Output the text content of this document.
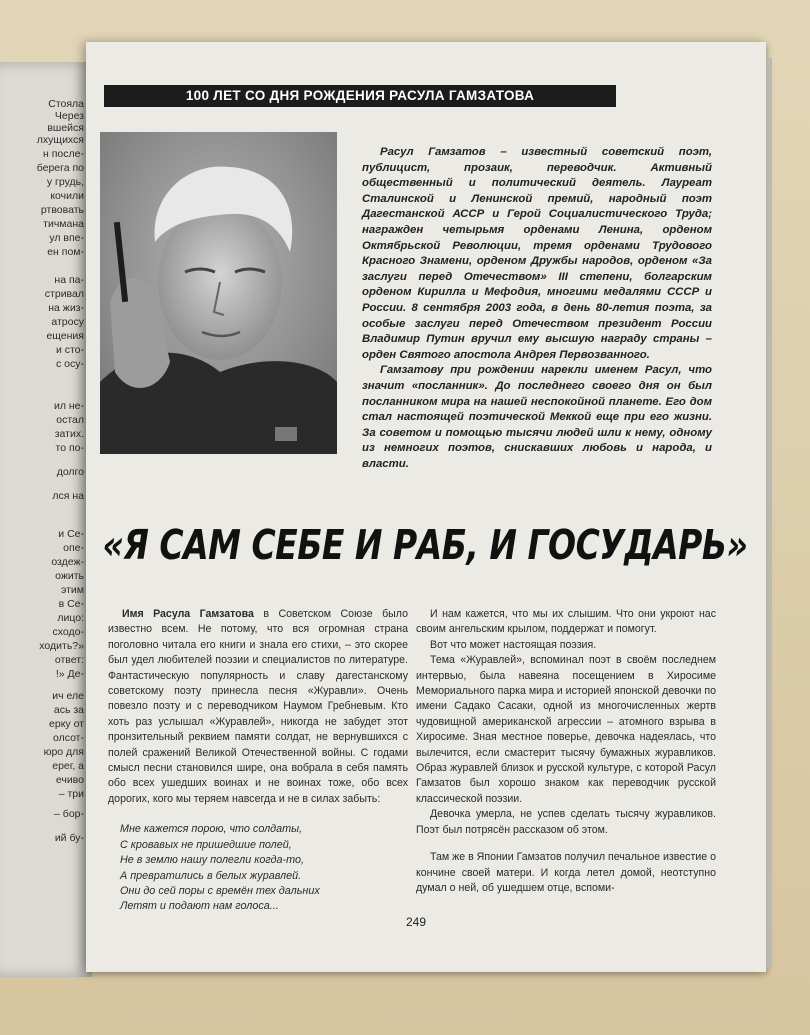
Стояла
Через
вшейся
лхущихся
н после-
берега по
у грудь,
кочили
ртвовать
тичмана
ул впе-
ен пом-
на па-
стривал
на жиз-
атросу
ещения
и сто-
с осу-
ил не-
остал
затих.
то по-
долго
лся на
и Се-
опе-
оздеж-
ожить
этим
в Се-
лицо:
сходо-
ходить?»
ответ:
!» Де-
ич еле
ась за
ерку от
олсот-
юро для
ерег, а
ечиво
– три
– бор-
ий бу-
100 ЛЕТ СО ДНЯ РОЖДЕНИЯ РАСУЛА ГАМЗАТОВА

Расул Гамзатов – известный советский поэт, публицист, прозаик, переводчик. Активный общественный и политический деятель. Лауреат Сталинской и Ленинской премий, народный поэт Дагестанской АССР и Герой Социалистического Труда; награжден четырьмя орденами Ленина, орденом Октябрьской Революции, тремя орденами Трудового Красного Знамени, орденом Дружбы народов, орденом «За заслуги перед Отечеством» III степени, болгарским орденом Кирилла и Мефодия, многими медалями СССР и России. 8 сентября 2003 года, в день 80-летия поэта, за особые заслуги перед Отечеством президент России Владимир Путин вручил ему высшую награду страны – орден Святого апостола Андрея Первозванного.

Гамзатову при рождении нарекли именем Расул, что значит «посланник». До последнего своего дня он был посланником мира на нашей неспокойной планете. Его дом стал настоящей поэтической Меккой еще при его жизни. За советом и помощью тысячи людей шли к нему, одному из немногих поэтов, снискавших любовь и народа, и власти.

«Я САМ СЕБЕ И РАБ, И ГОСУДАРЬ»

Имя Расула Гамзатова в Советском Союзе было известно всем. Не потому, что вся огромная страна поголовно читала его книги и знала его стихи, – это скорее был удел любителей поэзии и специалистов по литературе. Фантастическую популярность и славу дагестанскому советскому поэту принесла песня «Журавли». Очень повезло поэту и с переводчиком Наумом Гребневым. Кто хоть раз услышал «Журавлей», никогда не забудет этот пронзительный реквием памяти солдат, не вернувшихся с полей сражений Великой Отечественной войны. С годами смысл песни становился шире, она вобрала в себя память обо всех ушедших воинах и не воинах тоже, обо всех дорогих, кого мы теряем навсегда и не в силах забыть:

Мне кажется порою, что солдаты,
С кровавых не пришедшие полей,
Не в землю нашу полегли когда-то,
А превратились в белых журавлей.
Они до сей поры с времён тех дальних
Летят и подают нам голоса...

И нам кажется, что мы их слышим. Что они укроют нас своим ангельским крылом, поддержат и помогут.

Вот что может настоящая поэзия.

Тема «Журавлей», вспоминал поэт в своём последнем интервью, была навеяна посещением в Хиросиме Мемориального парка мира и историей японской девочки по имени Садако Сасаки, одной из многочисленных жертв чудовищной американской агрессии – атомного взрыва в Хиросиме. Зная местное поверье, девочка надеялась, что вылечится, если смастерит тысячу бумажных журавликов. Образ журавлей близок и русской культуре, с которой Расул Гамзатов был хорошо знаком как переводчик русской классической поэзии.

Девочка умерла, не успев сделать тысячу журавликов. Поэт был потрясён рассказом об этом.

Там же в Японии Гамзатов получил печальное известие о кончине своей матери. И когда летел домой, неотступно думал о ней, об ушедшем отце, вспоми-

249
